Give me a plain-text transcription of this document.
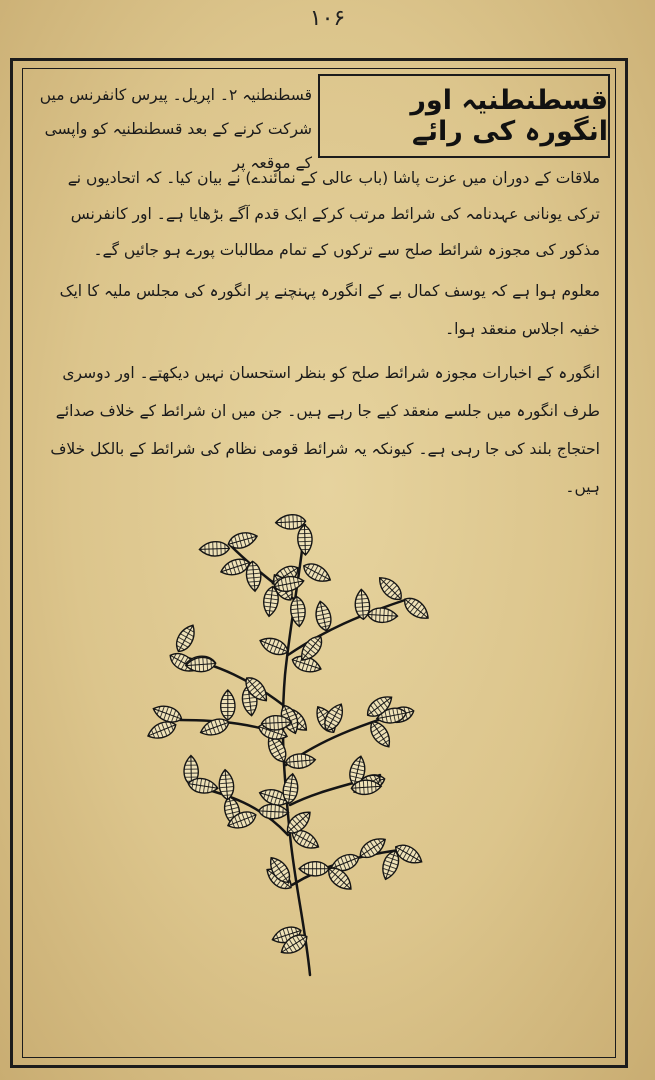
۱۰۶
قسطنطنیہ اور انگورہ کی رائے
قسطنطنیہ ۲۔ اپریل۔ پیرس کانفرنس میں شرکت کرنے کے بعد قسطنطنیہ کو واپسی کے موقعہ پر

ملاقات کے دوران میں عزت پاشا (باب عالی کے نمائندے) نے بیان کیا۔ کہ اتحادیوں نے ترکی یونانی عہدنامہ کی شرائط مرتب کرکے ایک قدم آگے بڑھایا ہے۔ اور کانفرنس مذکور کی مجوزہ شرائط صلح سے ترکوں کے تمام مطالبات پورے ہو جائیں گے۔

معلوم ہوا ہے کہ یوسف کمال بے کے انگورہ پہنچنے پر انگورہ کی مجلس ملیہ کا ایک خفیہ اجلاس منعقد ہوا۔

انگورہ کے اخبارات مجوزہ شرائط صلح کو بنظر استحسان نہیں دیکھتے۔ اور دوسری طرف انگورہ میں جلسے منعقد کیے جا رہے ہیں۔ جن میں ان شرائط کے خلاف صدائے احتجاج بلند کی جا رہی ہے۔ کیونکہ یہ شرائط قومی نظام کی شرائط کے بالکل خلاف ہیں۔
